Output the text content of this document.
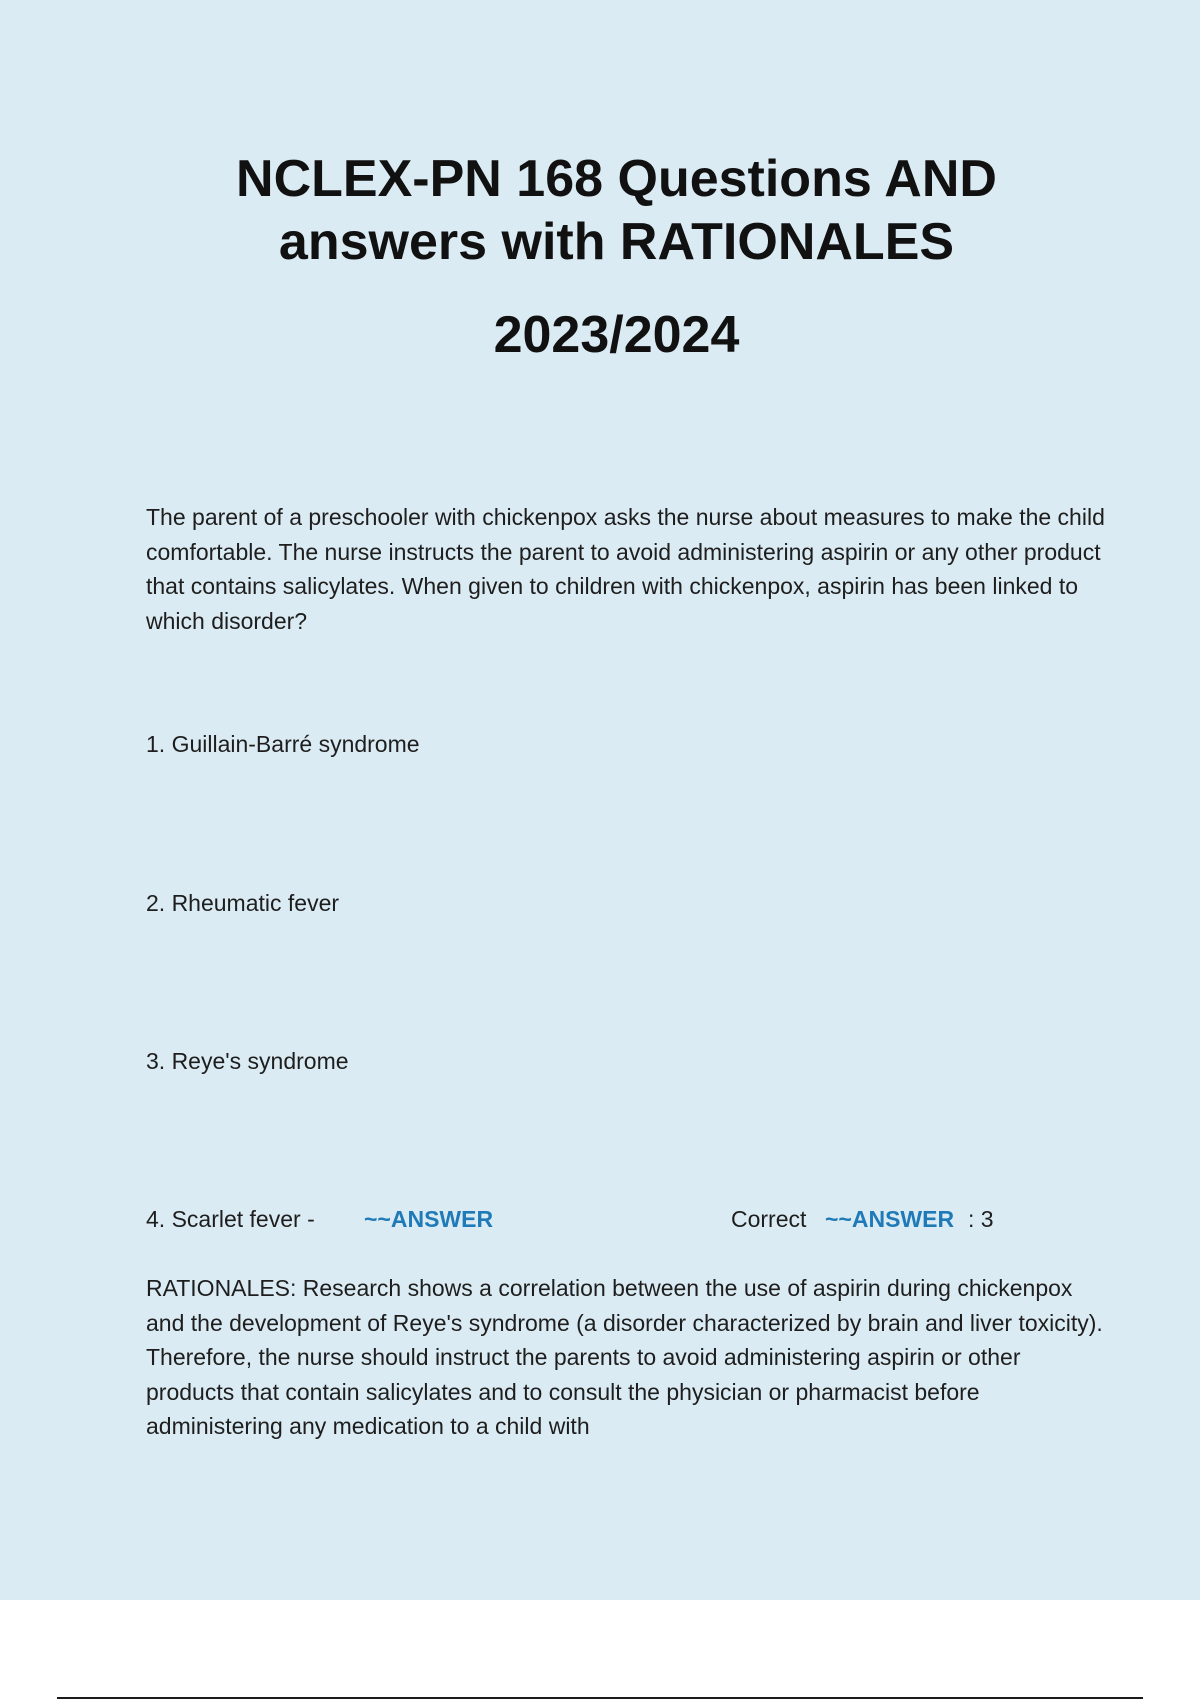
NCLEX-PN 168 Questions AND
answers with RATIONALES
2023/2024
The parent of a preschooler with chickenpox asks the nurse about measures to make the child comfortable. The nurse instructs the parent to avoid administering aspirin or any other product that contains salicylates. When given to children with chickenpox, aspirin has been linked to which disorder?
1. Guillain-Barré syndrome
2. Rheumatic fever
3. Reye's syndrome
4. Scarlet fever - ~~ANSWER	Correct ~~ANSWER : 3
RATIONALES: Research shows a correlation between the use of aspirin during chickenpox and the development of Reye's syndrome (a disorder characterized by brain and liver toxicity). Therefore, the nurse should instruct the parents to avoid administering aspirin or other products that contain salicylates and to consult the physician or pharmacist before administering any medication to a child with
